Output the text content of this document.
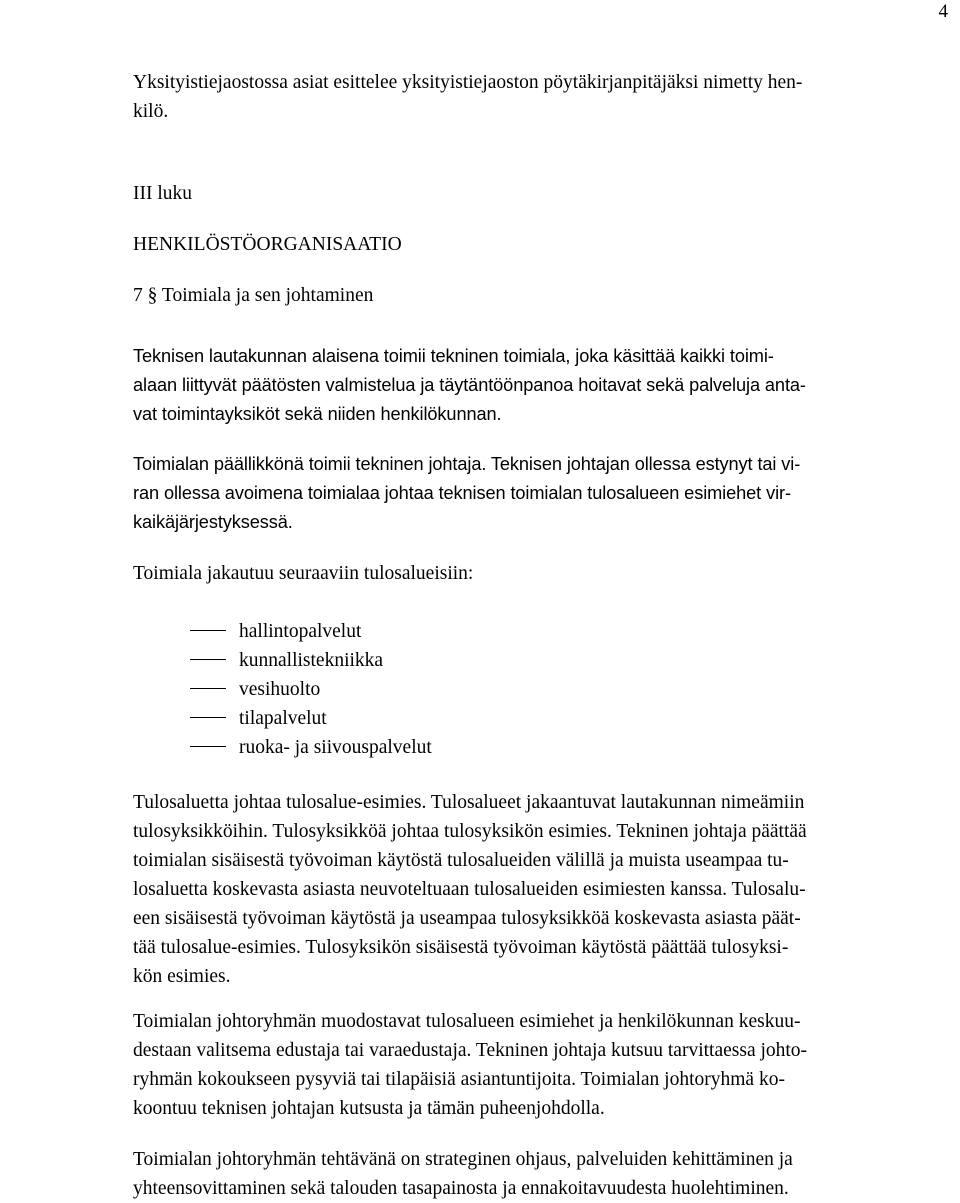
4
Yksityistiejaostossa asiat esittelee yksityistiejaoston pöytäkirjanpitäjäksi nimetty hen-
kilö.
III luku
HENKILÖSTÖORGANISAATIO
7 § Toimiala ja sen johtaminen
Teknisen lautakunnan alaisena toimii tekninen toimiala, joka käsittää kaikki toimi-
alaan liittyvät päätösten valmistelua ja täytäntöönpanoa hoitavat sekä palveluja anta-
vat toimintayksiköt sekä niiden henkilökunnan.
Toimialan päällikkönä toimii tekninen johtaja. Teknisen johtajan ollessa estynyt tai vi-
ran ollessa avoimena toimialaa johtaa teknisen toimialan tulosalueen esimiehet vir-
kaikäjärjestyksessä.
Toimiala jakautuu seuraaviin tulosalueisiin:
hallintopalvelut
kunnallistekniikka
vesihuolto
tilapalvelut
ruoka- ja siivouspalvelut
Tulosaluetta johtaa tulosalue-esimies. Tulosalueet jakaantuvat lautakunnan nimeämiin
tulosyksikköihin. Tulosyksikköä johtaa tulosyksikön esimies. Tekninen johtaja päättää
toimialan sisäisestä työvoiman käytöstä tulosalueiden välillä ja muista useampaa tu-
losaluetta koskevasta asiasta neuvoteltuaan tulosalueiden esimiesten kanssa. Tulosalu-
een sisäisestä työvoiman käytöstä ja useampaa tulosyksikköä koskevasta asiasta päät-
tää tulosalue-esimies. Tulosyksikön sisäisestä työvoiman käytöstä päättää tulosyksi-
kön esimies.
Toimialan johtoryhmän muodostavat tulosalueen esimiehet ja henkilökunnan keskuu-
destaan valitsema edustaja tai varaedustaja. Tekninen johtaja kutsuu tarvittaessa johto-
ryhmän kokoukseen pysyviä tai tilapäisiä asiantuntijoita. Toimialan johtoryhmä ko-
koontuu teknisen johtajan kutsusta ja tämän puheenjohdolla.
Toimialan johtoryhmän tehtävänä on strateginen ohjaus, palveluiden kehittäminen ja
yhteensovittaminen sekä talouden tasapainosta ja ennakoitavuudesta huolehtiminen.
